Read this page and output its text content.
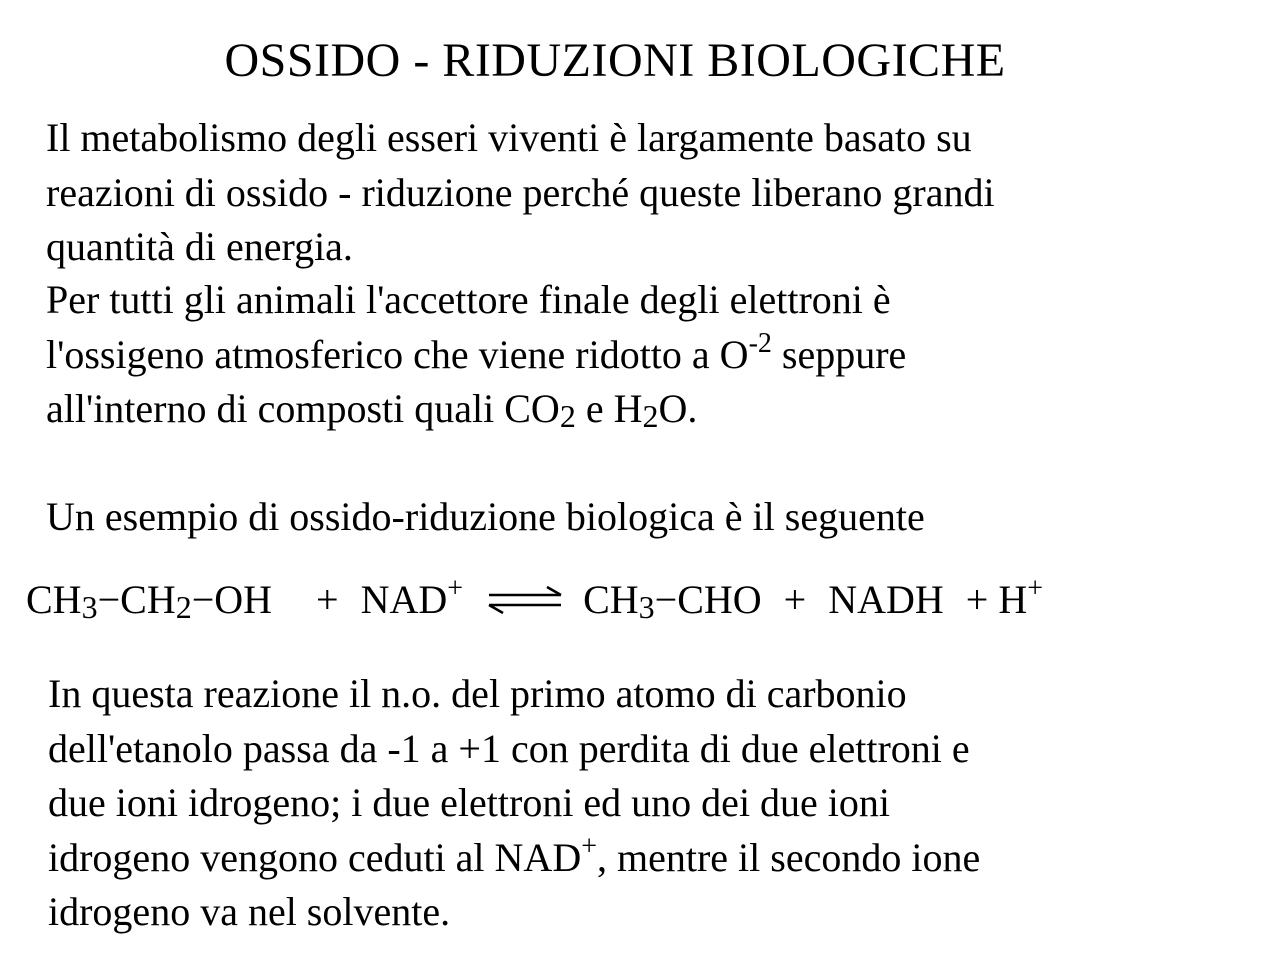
OSSIDO - RIDUZIONI BIOLOGICHE
Il metabolismo degli esseri viventi è largamente basato su
reazioni di ossido - riduzione perché queste liberano grandi
quantità di energia.
Per tutti gli animali l'accettore finale degli elettroni è
l'ossigeno atmosferico che viene ridotto a $O^{-2}$ seppure
all'interno di composti quali $CO_2$ e $H_2O$.
Un esempio di ossido-riduzione biologica è il seguente
$CH_3-CH_2-OH + NAD^+$ ⇌ $CH_3-CHO$ + NADH + H+
In questa reazione il n.o. del primo atomo di carbonio
dell'etanolo passa da -1 a +1 con perdita di due elettroni e
due ioni idrogeno; i due elettroni ed uno dei due ioni
idrogeno vengono ceduti al NAD+, mentre il secondo ione
idrogeno va nel solvente.
